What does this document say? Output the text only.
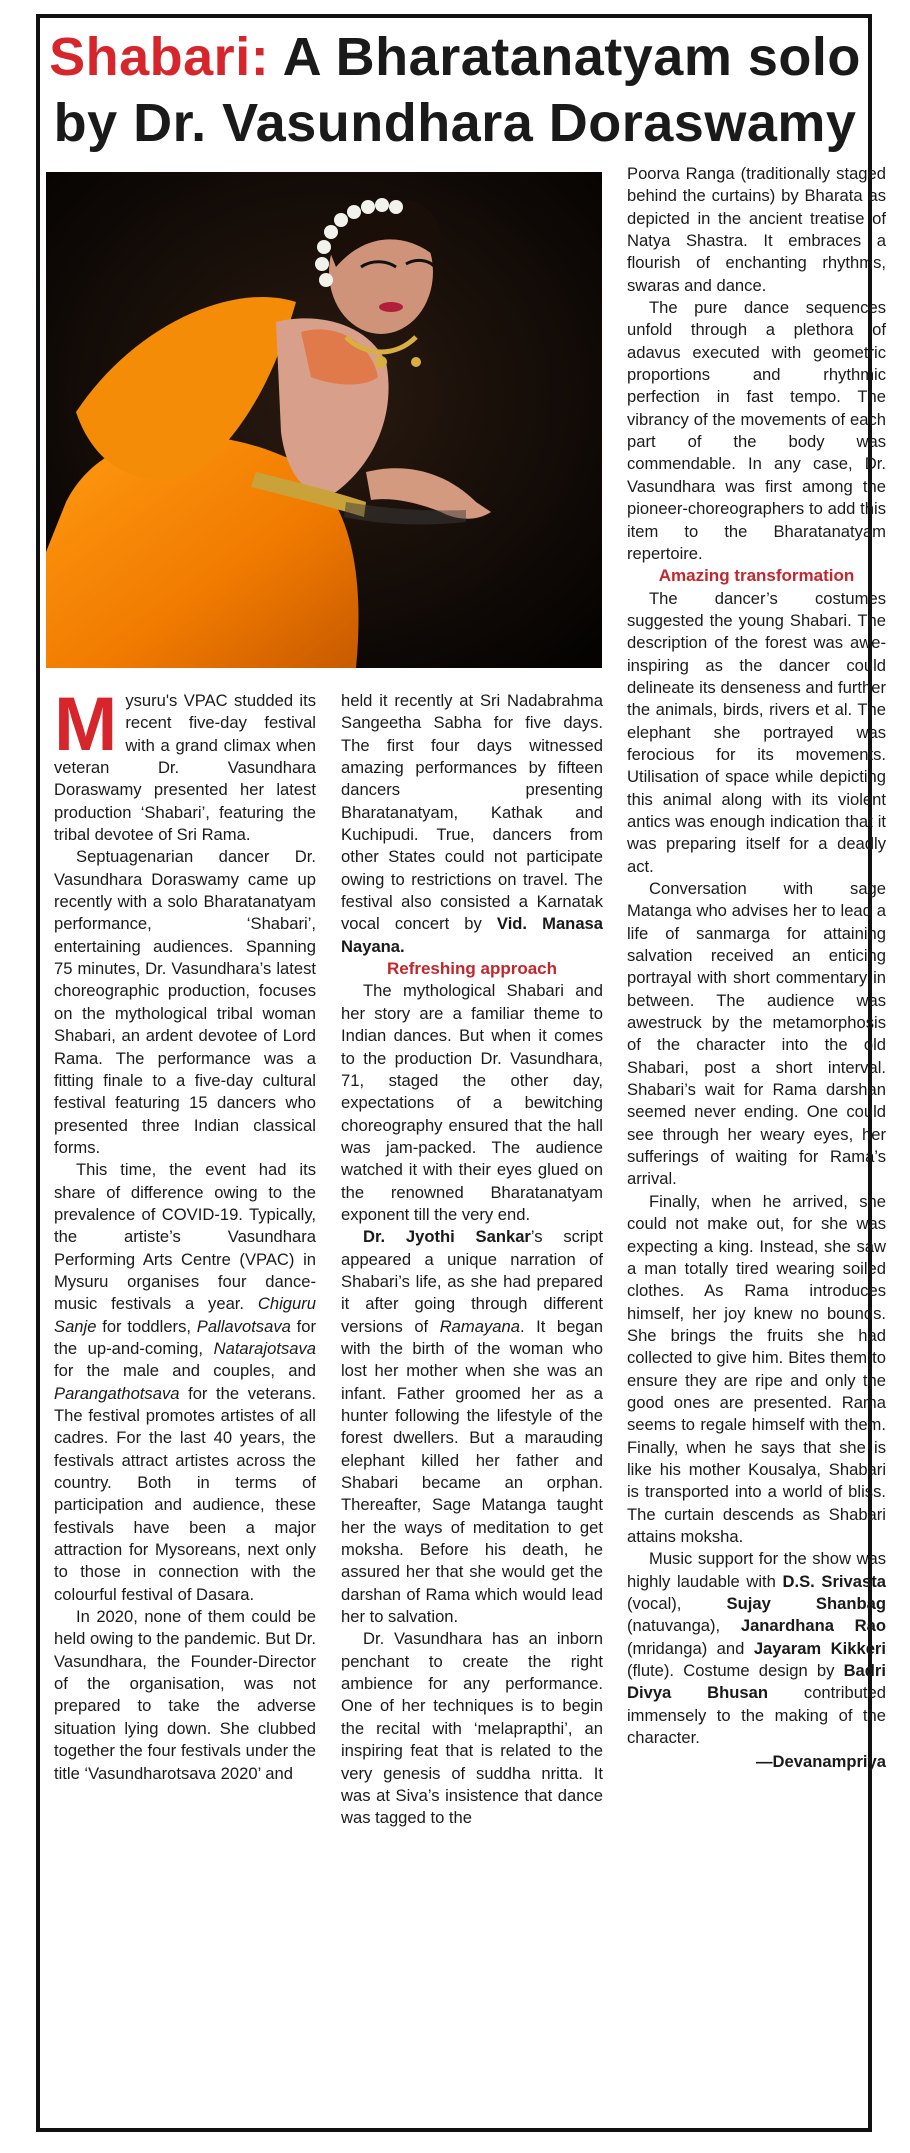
Shabari: A Bharatanatyam solo
by Dr. Vasundhara Doraswamy

Mysuru's VPAC studded its recent five-day festival with a grand climax when veteran Dr. Vasundhara Doraswamy presented her latest production ‘Shabari’, featuring the tribal devotee of Sri Rama.

Septuagenarian dancer Dr. Vasundhara Doraswamy came up recently with a solo Bharatanatyam performance, ‘Shabari’, entertaining audiences. Spanning 75 minutes, Dr. Vasundhara’s latest choreographic production, focuses on the mythological tribal woman Shabari, an ardent devotee of Lord Rama. The performance was a fitting finale to a five-day cultural festival featuring 15 dancers who presented three Indian classical forms.

This time, the event had its share of difference owing to the prevalence of COVID-19. Typically, the artiste’s Vasundhara Performing Arts Centre (VPAC) in Mysuru organises four dance-music festivals a year. Chiguru Sanje for toddlers, Pallavotsava for the up-and-coming, Natarajotsava for the male and couples, and Parangathotsava for the veterans. The festival promotes artistes of all cadres. For the last 40 years, the festivals attract artistes across the country. Both in terms of participation and audience, these festivals have been a major attraction for Mysoreans, next only to those in connection with the colourful festival of Dasara.

In 2020, none of them could be held owing to the pandemic. But Dr. Vasundhara, the Founder-Director of the organisation, was not prepared to take the adverse situation lying down. She clubbed together the four festivals under the title ‘Vasundharotsava 2020’ and

held it recently at Sri Nadabrahma Sangeetha Sabha for five days. The first four days witnessed amazing performances by fifteen dancers presenting Bharatanatyam, Kathak and Kuchipudi. True, dancers from other States could not participate owing to restrictions on travel. The festival also consisted a Karnatak vocal concert by Vid. Manasa Nayana.

Refreshing approach

The mythological Shabari and her story are a familiar theme to Indian dances. But when it comes to the production Dr. Vasundhara, 71, staged the other day, expectations of a bewitching choreography ensured that the hall was jam-packed. The audience watched it with their eyes glued on the renowned Bharatanatyam exponent till the very end.

Dr. Jyothi Sankar’s script appeared a unique narration of Shabari’s life, as she had prepared it after going through different versions of Ramayana. It began with the birth of the woman who lost her mother when she was an infant. Father groomed her as a hunter following the lifestyle of the forest dwellers. But a marauding elephant killed her father and Shabari became an orphan. Thereafter, Sage Matanga taught her the ways of meditation to get moksha. Before his death, he assured her that she would get the darshan of Rama which would lead her to salvation.

Dr. Vasundhara has an inborn penchant to create the right ambience for any performance. One of her techniques is to begin the recital with ‘melaprapthi’, an inspiring feat that is related to the very genesis of suddha nritta. It was at Siva’s insistence that dance was tagged to the

Poorva Ranga (traditionally staged behind the curtains) by Bharata as depicted in the ancient treatise of Natya Shastra. It embraces a flourish of enchanting rhythms, swaras and dance.

The pure dance sequences unfold through a plethora of adavus executed with geometric proportions and rhythmic perfection in fast tempo. The vibrancy of the movements of each part of the body was commendable. In any case, Dr. Vasundhara was first among the pioneer-choreographers to add this item to the Bharatanatyam repertoire.

Amazing transformation

The dancer’s costumes suggested the young Shabari. The description of the forest was awe-inspiring as the dancer could delineate its denseness and further the animals, birds, rivers et al. The elephant she portrayed was ferocious for its movements. Utilisation of space while depicting this animal along with its violent antics was enough indication that it was preparing itself for a deadly act.

Conversation with sage Matanga who advises her to lead a life of sanmarga for attaining salvation received an enticing portrayal with short commentary in between. The audience was awestruck by the metamorphosis of the character into the old Shabari, post a short interval. Shabari’s wait for Rama darshan seemed never ending. One could see through her weary eyes, her sufferings of waiting for Rama’s arrival.

Finally, when he arrived, she could not make out, for she was expecting a king. Instead, she saw a man totally tired wearing soiled clothes. As Rama introduces himself, her joy knew no bounds. She brings the fruits she had collected to give him. Bites them to ensure they are ripe and only the good ones are presented. Rama seems to regale himself with them. Finally, when he says that she is like his mother Kousalya, Shabari is transported into a world of bliss. The curtain descends as Shabari attains moksha.

Music support for the show was highly laudable with D.S. Srivasta (vocal), Sujay Shanbag (natuvanga), Janardhana Rao (mridanga) and Jayaram Kikkeri (flute). Costume design by Badri Divya Bhusan contributed immensely to the making of the character.

—Devanampriya
